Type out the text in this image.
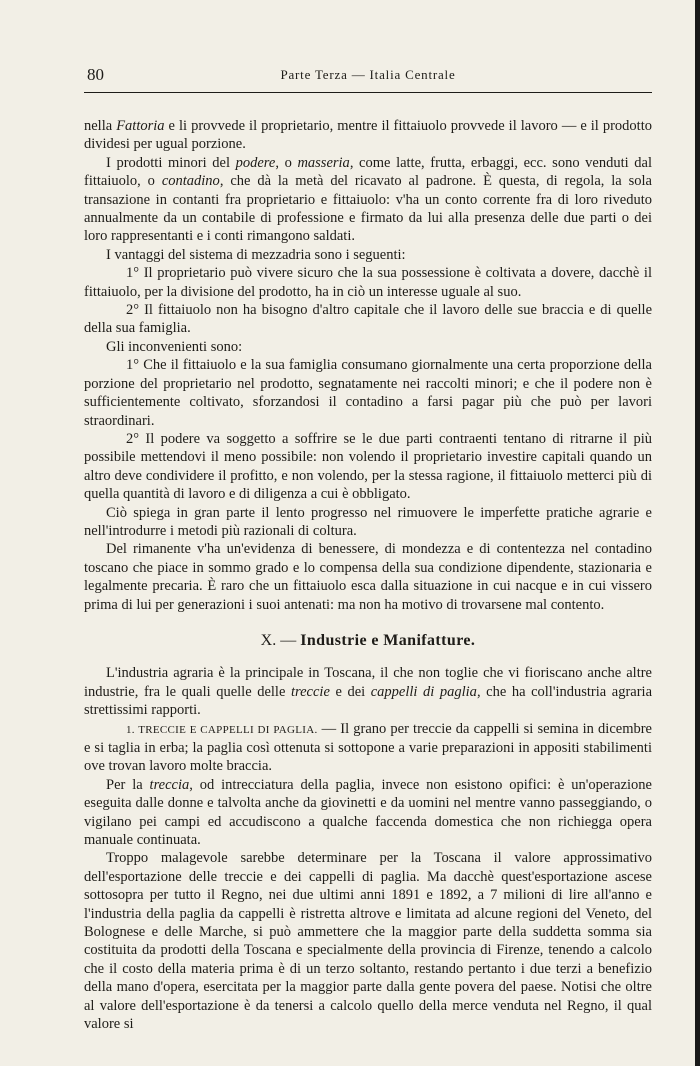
80	Parte Terza — Italia Centrale

nella Fattoria e li provvede il proprietario, mentre il fittaiuolo provvede il lavoro — e il prodotto dividesi per ugual porzione.

I prodotti minori del podere, o masseria, come latte, frutta, erbaggi, ecc. sono venduti dal fittaiuolo, o contadino, che dà la metà del ricavato al padrone. È questa, di regola, la sola transazione in contanti fra proprietario e fittaiuolo: v'ha un conto corrente fra di loro riveduto annualmente da un contabile di professione e firmato da lui alla presenza delle due parti o dei loro rappresentanti e i conti rimangono saldati.

I vantaggi del sistema di mezzadria sono i seguenti:

1° Il proprietario può vivere sicuro che la sua possessione è coltivata a dovere, dacchè il fittaiuolo, per la divisione del prodotto, ha in ciò un interesse uguale al suo.

2° Il fittaiuolo non ha bisogno d'altro capitale che il lavoro delle sue braccia e di quelle della sua famiglia.

Gli inconvenienti sono:

1° Che il fittaiuolo e la sua famiglia consumano giornalmente una certa proporzione della porzione del proprietario nel prodotto, segnatamente nei raccolti minori; e che il podere non è sufficientemente coltivato, sforzandosi il contadino a farsi pagar più che può per lavori straordinari.

2° Il podere va soggetto a soffrire se le due parti contraenti tentano di ritrarne il più possibile mettendovi il meno possibile: non volendo il proprietario investire capitali quando un altro deve condividere il profitto, e non volendo, per la stessa ragione, il fittaiuolo metterci più di quella quantità di lavoro e di diligenza a cui è obbligato.

Ciò spiega in gran parte il lento progresso nel rimuovere le imperfette pratiche agrarie e nell'introdurre i metodi più razionali di coltura.

Del rimanente v'ha un'evidenza di benessere, di mondezza e di contentezza nel contadino toscano che piace in sommo grado e lo compensa della sua condizione dipendente, stazionaria e legalmente precaria. È raro che un fittaiuolo esca dalla situazione in cui nacque e in cui vissero prima di lui per generazioni i suoi antenati: ma non ha motivo di trovarsene mal contento.

X. — Industrie e Manifatture.

L'industria agraria è la principale in Toscana, il che non toglie che vi fioriscano anche altre industrie, fra le quali quelle delle treccie e dei cappelli di paglia, che ha coll'industria agraria strettissimi rapporti.

1. TRECCIE E CAPPELLI DI PAGLIA. — Il grano per treccie da cappelli si semina in dicembre e si taglia in erba; la paglia così ottenuta si sottopone a varie preparazioni in appositi stabilimenti ove trovan lavoro molte braccia.

Per la treccia, od intrecciatura della paglia, invece non esistono opifici: è un'operazione eseguita dalle donne e talvolta anche da giovinetti e da uomini nel mentre vanno passeggiando, o vigilano pei campi ed accudiscono a qualche faccenda domestica che non richiegga opera manuale continuata.

Troppo malagevole sarebbe determinare per la Toscana il valore approssimativo dell'esportazione delle treccie e dei cappelli di paglia. Ma dacchè quest'esportazione ascese sottosopra per tutto il Regno, nei due ultimi anni 1891 e 1892, a 7 milioni di lire all'anno e l'industria della paglia da cappelli è ristretta altrove e limitata ad alcune regioni del Veneto, del Bolognese e delle Marche, si può ammettere che la maggior parte della suddetta somma sia costituita da prodotti della Toscana e specialmente della provincia di Firenze, tenendo a calcolo che il costo della materia prima è di un terzo soltanto, restando pertanto i due terzi a benefizio della mano d'opera, esercitata per la maggior parte dalla gente povera del paese. Notisi che oltre al valore dell'esportazione è da tenersi a calcolo quello della merce venduta nel Regno, il qual valore si
